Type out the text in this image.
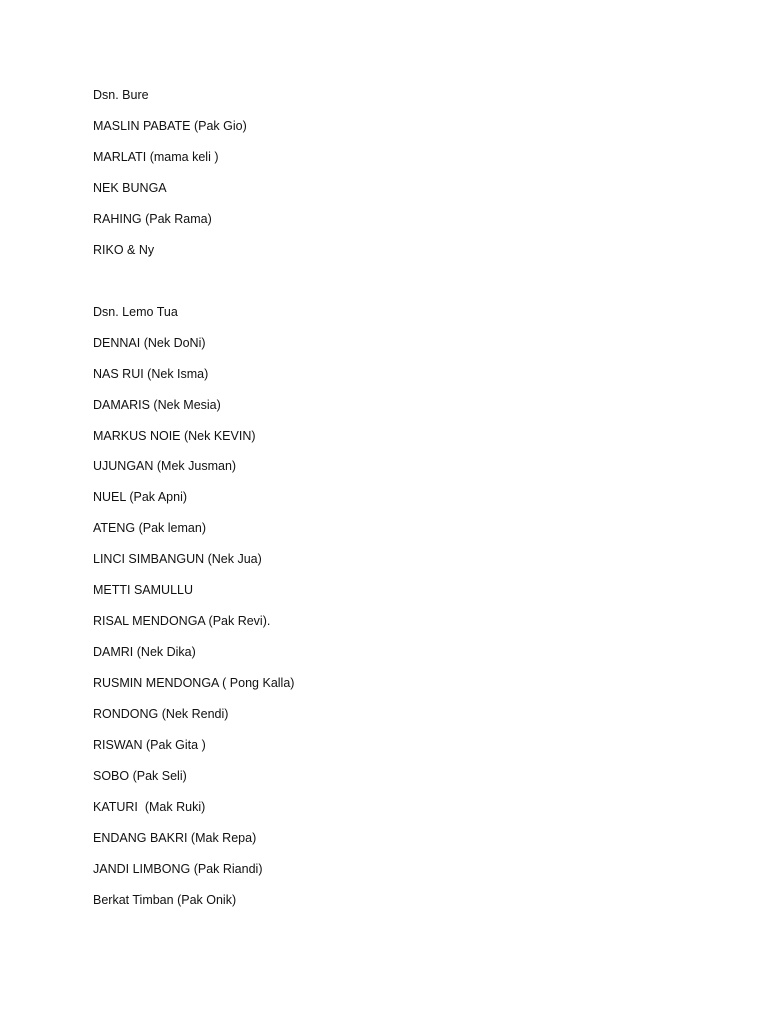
Dsn. Bure
MASLIN PABATE (Pak Gio)
MARLATI (mama keli )
NEK BUNGA
RAHING (Pak Rama)
RIKO & Ny
Dsn. Lemo Tua
DENNAI (Nek DoNi)
NAS RUI (Nek Isma)
DAMARIS (Nek Mesia)
MARKUS NOIE (Nek KEVIN)
UJUNGAN (Mek Jusman)
NUEL (Pak Apni)
ATENG (Pak leman)
LINCI SIMBANGUN (Nek Jua)
METTI SAMULLU
RISAL MENDONGA (Pak Revi).
DAMRI (Nek Dika)
RUSMIN MENDONGA ( Pong Kalla)
RONDONG (Nek Rendi)
RISWAN (Pak Gita )
SOBO (Pak Seli)
KATURI  (Mak Ruki)
ENDANG BAKRI (Mak Repa)
JANDI LIMBONG (Pak Riandi)
Berkat Timban (Pak Onik)
